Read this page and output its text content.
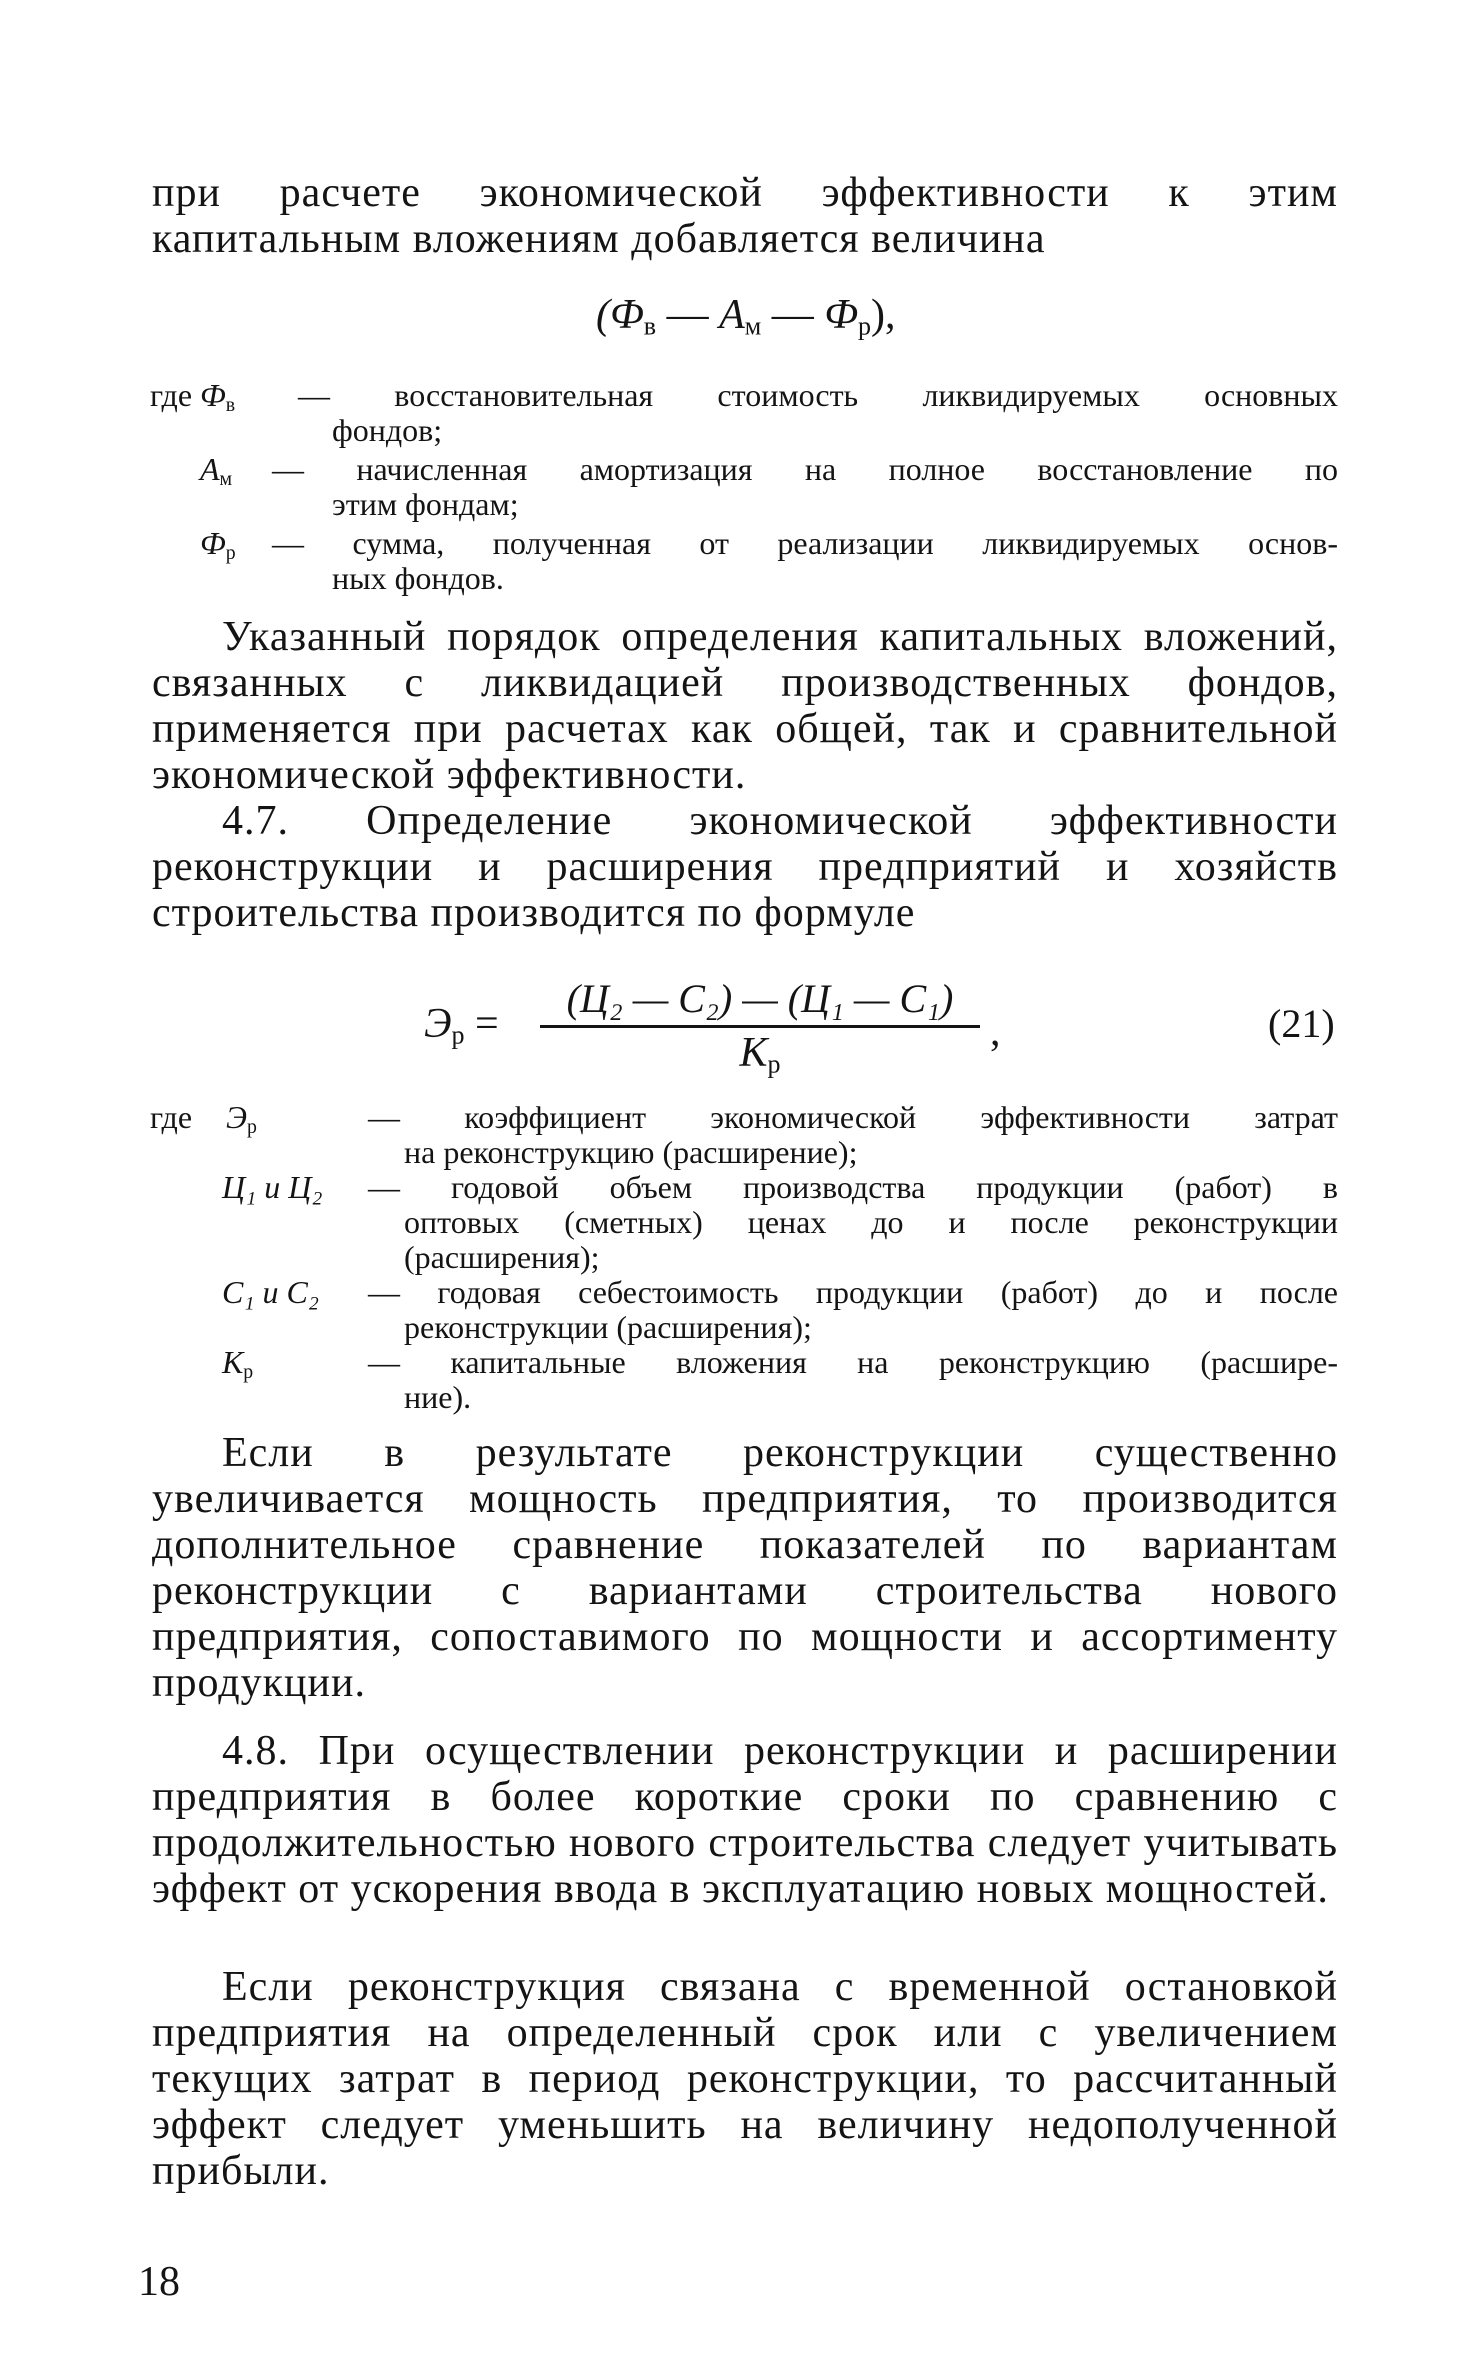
при расчете экономической эффективности к этим капитальным вложениям добавляется величина

($Ф_в$ — $А_м$ — $Ф_р$),
где $Ф_в$ — восстановительная стоимость ликвидируемых основных
фондов;
$А_м$ — начисленная амортизация на полное восстановление по
этим фондам;
$Ф_р$ — сумма, полученная от реализации ликвидируемых основ-
ных фондов.

Указанный порядок определения капитальных вложений, связанных с ликвидацией производственных фондов, применяется при расчетах как общей, так и сравнительной экономической эффективности.

4.7. Определение экономической эффективности реконструкции и расширения предприятий и хозяйств строительства производится по формуле

$Э_р$ =
(Ц₂ — С₂) — (Ц₁ — С₁)
$К_р$
,	(21)
где $Э_р$	— коэффициент экономической эффективности затрат
на реконструкцию (расширение);
Ц₁ и Ц₂ — годовой объем производства продукции (работ) в
оптовых (сметных) ценах до и после реконструкции
(расширения);
С₁ и С₂ — годовая себестоимость продукции (работ) до и после
реконструкции (расширения);
$К_р$	— капитальные вложения на реконструкцию (расшире-
ние).

Если в результате реконструкции существенно увеличивается мощность предприятия, то производится дополнительное сравнение показателей по вариантам реконструкции с вариантами строительства нового предприятия, сопоставимого по мощности и ассортименту продукции.

4.8. При осуществлении реконструкции и расширении предприятия в более короткие сроки по сравнению с продолжительностью нового строительства следует учитывать эффект от ускорения ввода в эксплуатацию новых мощностей.

Если реконструкция связана с временной остановкой предприятия на определенный срок или с увеличением текущих затрат в период реконструкции, то рассчитанный эффект следует уменьшить на величину недополученной прибыли.

18
